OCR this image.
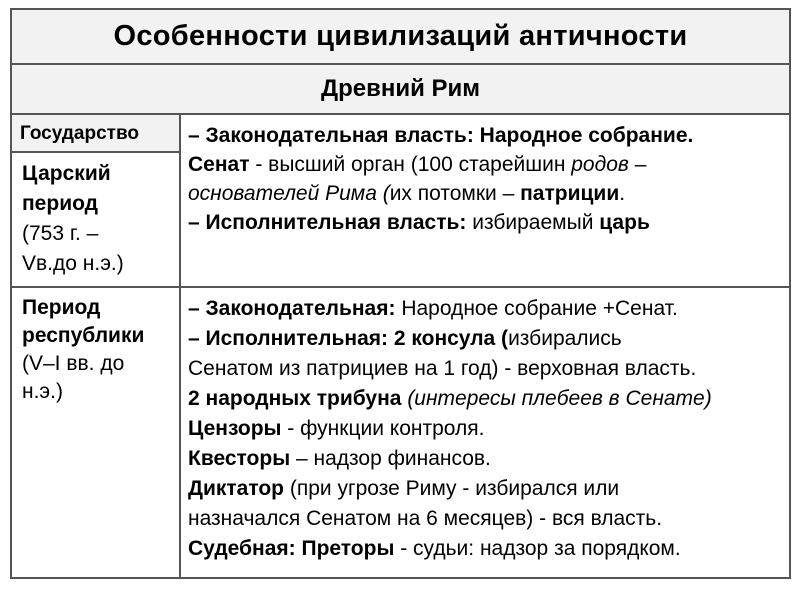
Особенности цивилизаций античности
Древний Рим
Государство
Царский
период
(753 г. –
Vв.до н.э.)
– Законодательная власть: Народное собрание.
Сенат - высший орган (100 старейшин родов –
основателей Рима (их потомки – патриции.
– Исполнительная власть: избираемый царь
Период
республики
(V–I вв. до
н.э.)
– Законодательная: Народное собрание +Сенат.
– Исполнительная: 2 консула (избирались
Сенатом из патрициев на 1 год) - верховная власть.
2 народных трибуна (интересы плебеев в Сенате)
Цензоры - функции контроля.
Квесторы – надзор финансов.
Диктатор (при угрозе Риму - избирался или
назначался Сенатом на 6 месяцев) - вся власть.
Судебная: Преторы - судьи: надзор за порядком.
